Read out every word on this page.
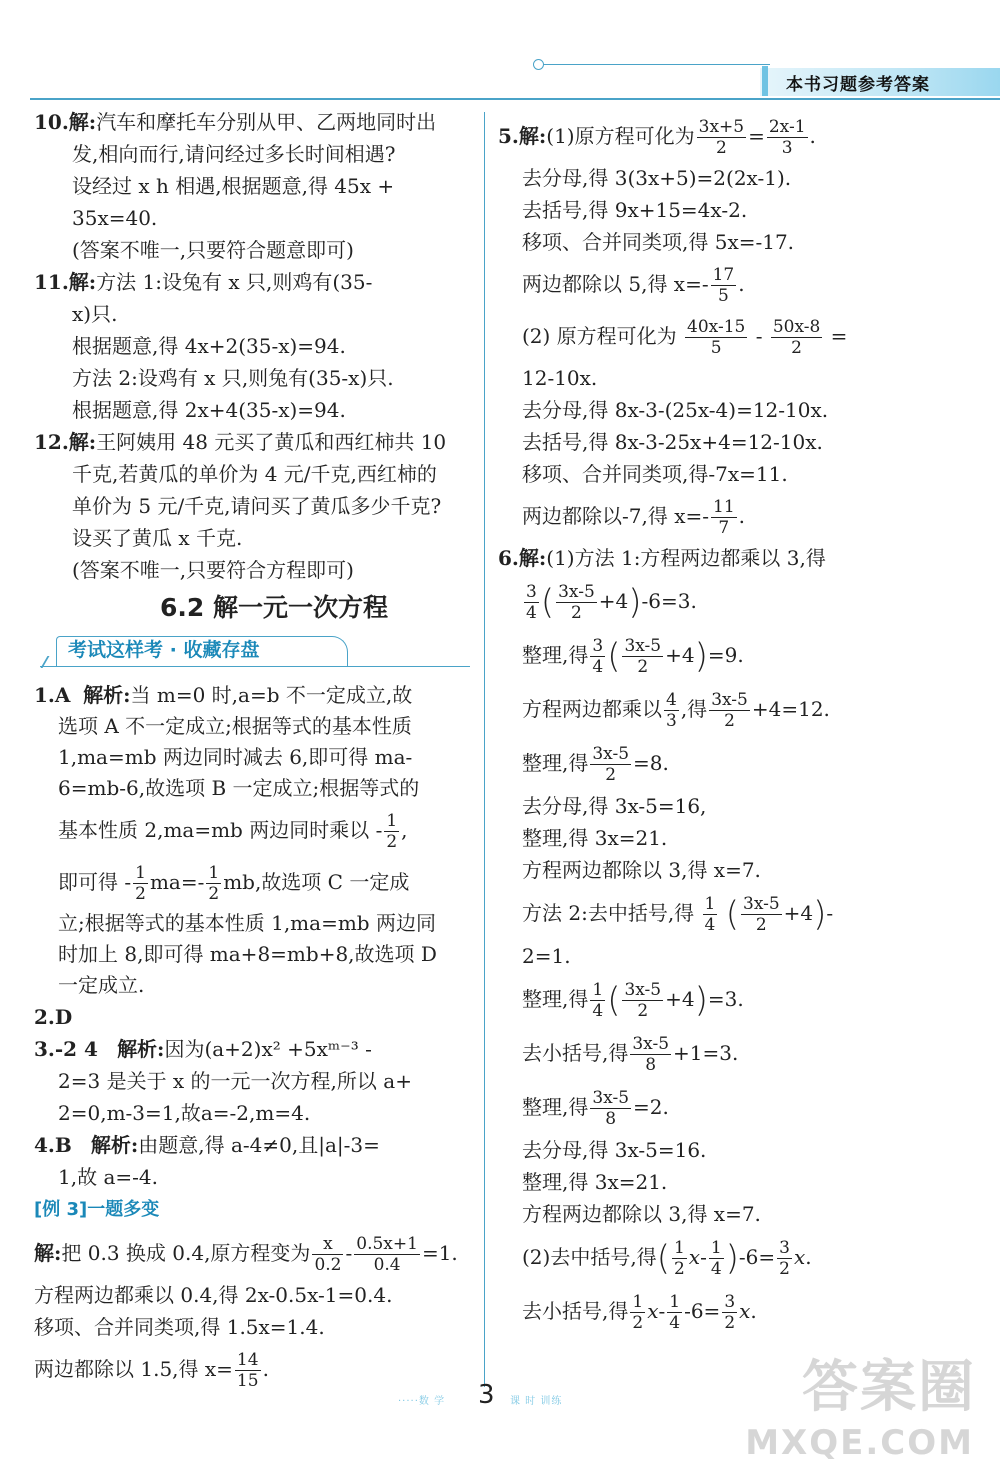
本书习题参考答案
10.解:汽车和摩托车分别从甲、乙两地同时出
发,相向而行,请问经过多长时间相遇?
设经过 x h 相遇,根据题意,得 45x +
35x=40.
(答案不唯一,只要符合题意即可)
11.解:方法 1:设兔有 x 只,则鸡有(35-
x)只.
根据题意,得 4x+2(35-x)=94.
方法 2:设鸡有 x 只,则兔有(35-x)只.
根据题意,得 2x+4(35-x)=94.
12.解:王阿姨用 48 元买了黄瓜和西红柿共 10
千克,若黄瓜的单价为 4 元/千克,西红柿的
单价为 5 元/千克,请问买了黄瓜多少千克?
设买了黄瓜 x 千克.
(答案不唯一,只要符合方程即可)
6.2 解一元一次方程
考试这样考 · 收藏存盘
1.A 解析:当 m=0 时,a=b 不一定成立,故
选项 A 不一定成立;根据等式的基本性质
1,ma=mb 两边同时减去 6,即可得 ma-
6=mb-6,故选项 B 一定成立;根据等式的
基本性质 2,ma=mb 两边同时乘以 - $\frac{1}{2}$ ,
即可得 - $\frac{1}{2} ma=- \frac{1}{2}$ mb,故选项 C 一定成
立;根据等式的基本性质 1,ma=mb 两边同
时加上 8,即可得 ma+8=mb+8,故选项 D
一定成立.
2.D
3.-2 4 解析:因为(a+2)x² +5xᵐ⁻³ -
2=3 是关于 x 的一元一次方程,所以 a+
2=0,m-3=1,故a=-2,m=4.
4.B 解析:由题意,得 a-4≠0,且|a|-3=
1,故 a=-4.
[例 3]一题多变
解:把 0.3 换成 0.4,原方程变为 $\frac{x}{0.2} - \frac{0.5x+1}{0.4} =1$.
方程两边都乘以 0.4,得 2x-0.5x-1=0.4.
移项、合并同类项,得 1.5x=1.4.
两边都除以 1.5,得 $x= \frac{14}{15}$ .
5.解:(1)原方程可化为 $\frac{3x+5}{2} = \frac{2x-1}{3}$ .
去分母,得 3(3x+5)=2(2x-1).
去括号,得 9x+15=4x-2.
移项、合并同类项,得 5x=-17.
两边都除以 5,得 $x=- \frac{17}{5}$ .
(2) 原方程可化为 $\frac{40x-15}{5} - \frac{50x-8}{2}$ =
12-10x.
去分母,得 8x-3-(25x-4)=12-10x.
去括号,得 8x-3-25x+4=12-10x.
移项、合并同类项,得-7x=11.
两边都除以-7,得 $x=- \frac{11}{7}$ .
6.解:(1)方法 1:方程两边都乘以 3,得
$\frac{3}{4}$ ( $\frac{3x-5}{2} +4)-6=3$.
整理,得 $\frac{3}{4}$ ( $\frac{3x-5}{2} +4)=9$.
方程两边都乘以 $\frac{4}{3}$ ,得 $\frac{3x-5}{2} +4=12$.
整理,得 $\frac{3x-5}{2} =8$.
去分母,得 3x-5=16,
整理,得 3x=21.
方程两边都除以 3,得 x=7.
方法 2:去中括号,得 $\frac{1}{4}$ ( $\frac{3x-5}{2} +4)-$
2=1.
整理,得 $\frac{1}{4}$ ( $\frac{3x-5}{2} +4)=3$.
去小括号,得 $\frac{3x-5}{8} +1=3$.
整理,得 $\frac{3x-5}{8} =2$.
去分母,得 3x-5=16.
整理,得 3x=21.
方程两边都除以 3,得 x=7.
(2)去中括号,得( $\frac{1}{2} x- \frac{1}{4} )-6= \frac{3}{2} x$.
去小括号,得 $\frac{1}{2} x- \frac{1}{4} -6= \frac{3}{2} x$.
·····数 学 3 课 时 训练	答案圈
MXQE.COM
